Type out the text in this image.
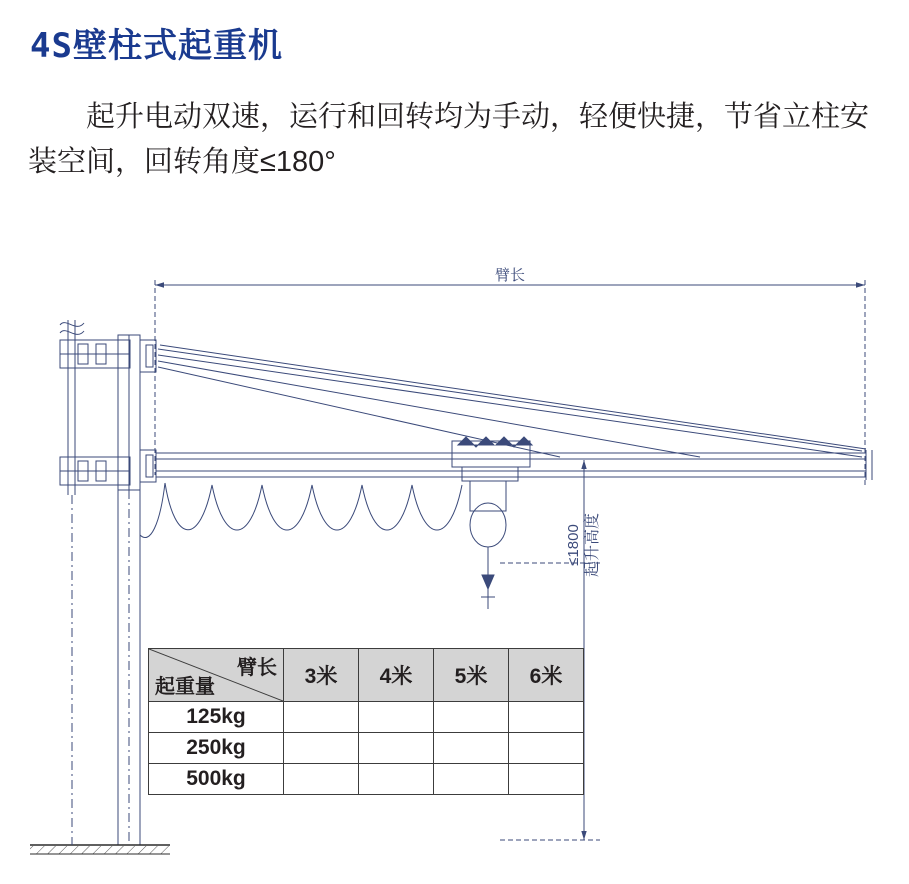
4S壁柱式起重机
起升电动双速，运行和回转均为手动，轻便快捷，节省立柱安装空间，回转角度≤180°
臂长
≤1800 起升高度
臂长
起重量	3米	4米	5米	6米
125kg				
250kg				
500kg				
